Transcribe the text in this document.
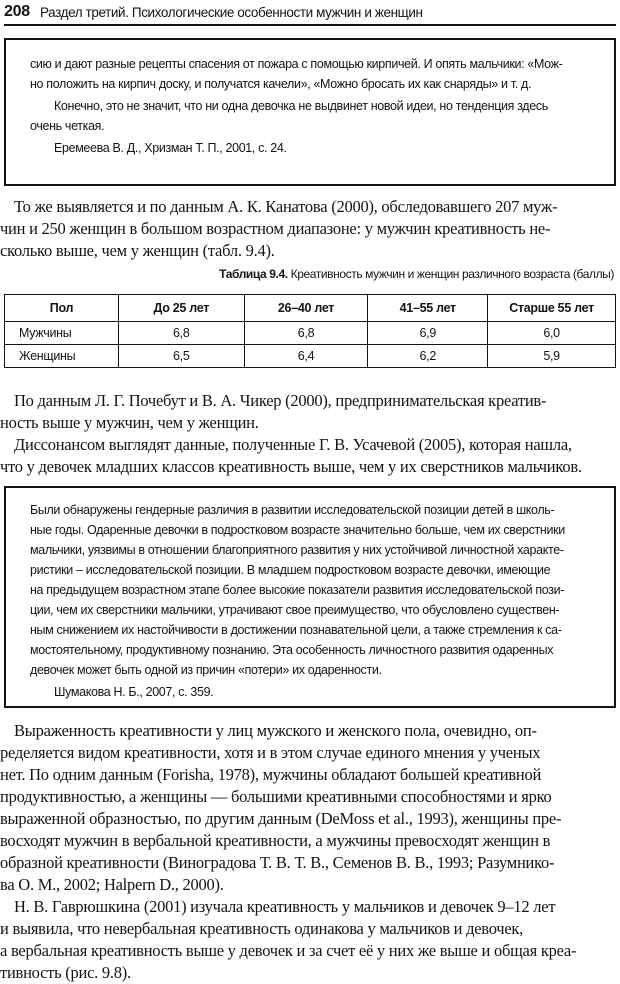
208 Раздел третий. Психологические особенности мужчин и женщин

сию и дают разные рецепты спасения от пожара с помощью кирпичей. И опять мальчики: «Мож-

но положить на кирпич доску, и получатся качели», «Можно бросать их как снаряды» и т. д.

Конечно, это не значит, что ни одна девочка не выдвинет новой идеи, но тенденция здесь

очень четкая.

Еремеева В. Д., Хризман Т. П., 2001, с. 24.

То же выявляется и по данным А. К. Канатова (2000), обследовавшего 207 муж-

чин и 250 женщин в большом возрастном диапазоне: у мужчин креативность не-

сколько выше, чем у женщин (табл. 9.4).

Таблица 9.4. Креативность мужчин и женщин различного возраста (баллы)
Пол	До 25 лет	26–40 лет	41–55 лет	Старше 55 лет
Мужчины	6,8	6,8	6,9	6,0
Женщины	6,5	6,4	6,2	5,9

По данным Л. Г. Почебут и В. А. Чикер (2000), предпринимательская креатив-

ность выше у мужчин, чем у женщин.

Диссонансом выглядят данные, полученные Г. В. Усачевой (2005), которая нашла,

что у девочек младших классов креативность выше, чем у их сверстников мальчиков.

Были обнаружены гендерные различия в развитии исследовательской позиции детей в школь-

ные годы. Одаренные девочки в подростковом возрасте значительно больше, чем их сверстники

мальчики, уязвимы в отношении благоприятного развития у них устойчивой личностной характе-

ристики – исследовательской позиции. В младшем подростковом возрасте девочки, имеющие

на предыдущем возрастном этапе более высокие показатели развития исследовательской пози-

ции, чем их сверстники мальчики, утрачивают свое преимущество, что обусловлено существен-

ным снижением их настойчивости в достижении познавательной цели, а также стремления к са-

мостоятельному, продуктивному познанию. Эта особенность личностного развития одаренных

девочек может быть одной из причин «потери» их одаренности.

Шумакова Н. Б., 2007, с. 359.

Выраженность креативности у лиц мужского и женского пола, очевидно, оп-

ределяется видом креативности, хотя и в этом случае единого мнения у ученых

нет. По одним данным (Forisha, 1978), мужчины обладают большей креативной

продуктивностью, а женщины — большими креативными способностями и ярко

выраженной образностью, по другим данным (DeMoss et al., 1993), женщины пре-

восходят мужчин в вербальной креативности, а мужчины превосходят женщин в

образной креативности (Виноградова Т. В. Т. В., Семенов В. В., 1993; Разумнико-

ва О. М., 2002; Halpern D., 2000).

Н. В. Гаврюшкина (2001) изучала креативность у мальчиков и девочек 9–12 лет

и выявила, что невербальная креативность одинакова у мальчиков и девочек,

а вербальная креативность выше у девочек и за счет её у них же выше и общая креа-

тивность (рис. 9.8).
